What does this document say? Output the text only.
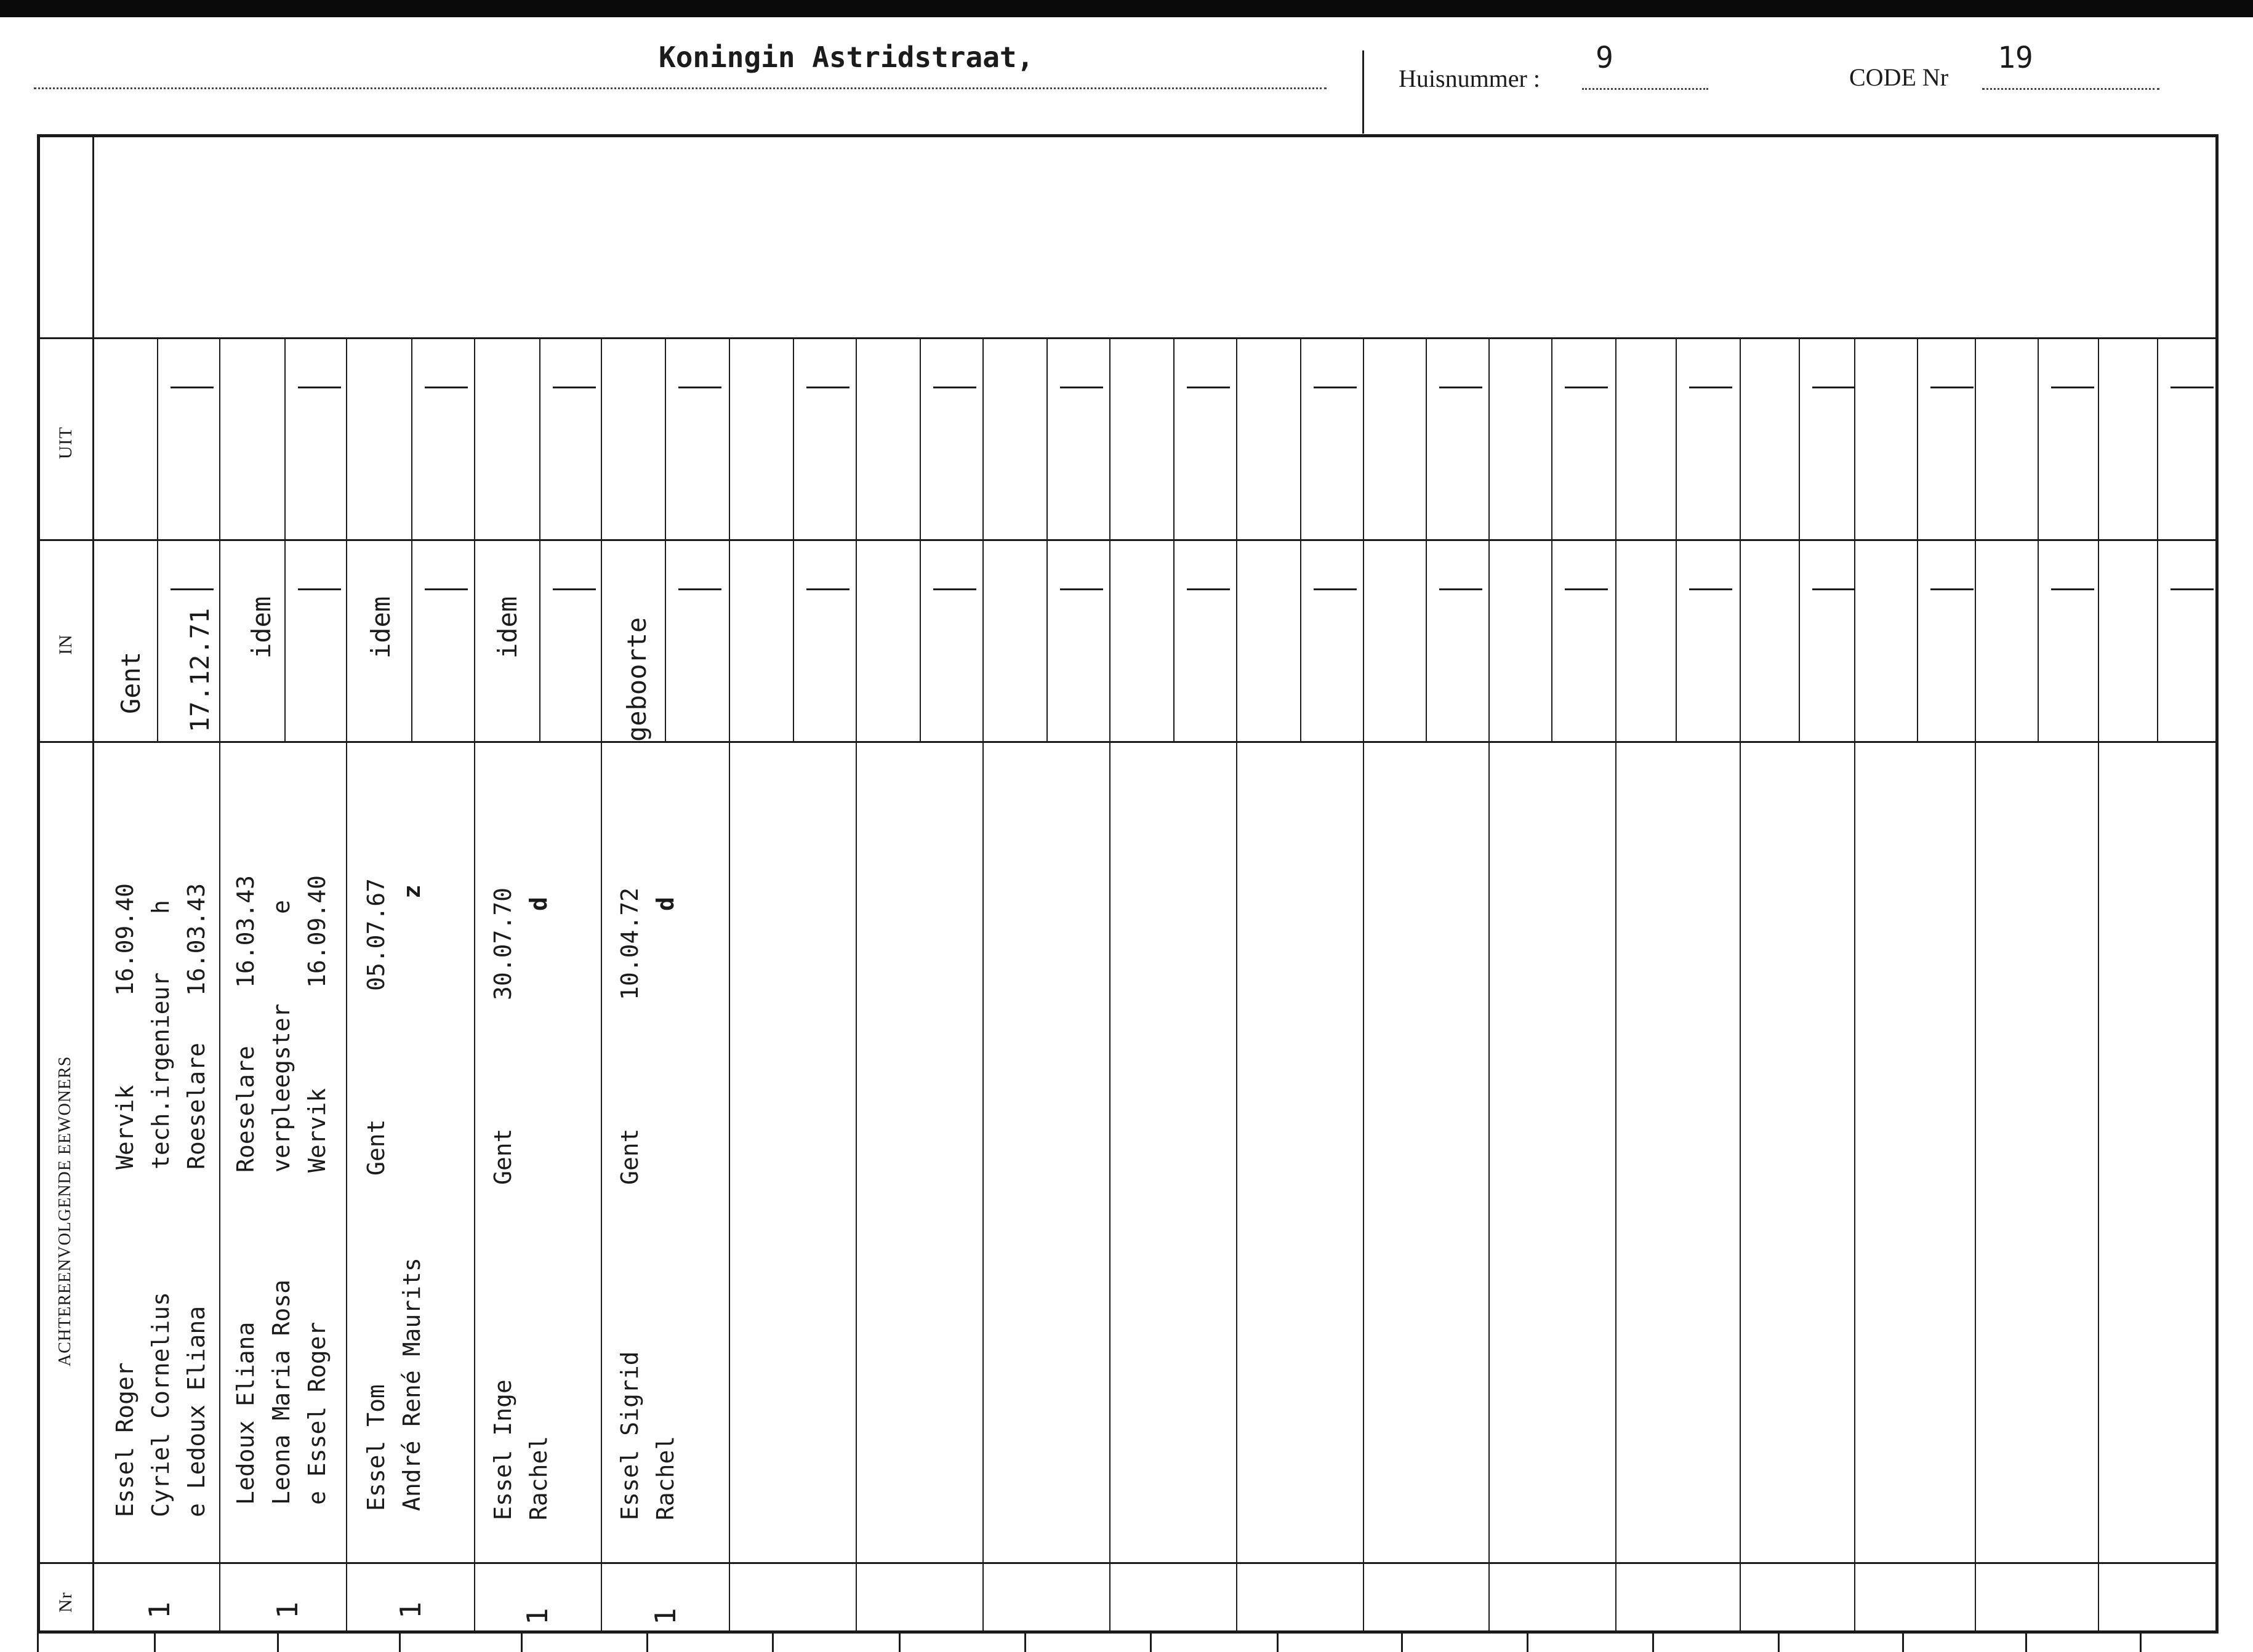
Koningin Astridstraat,
Huisnummer :
9
CODE Nr
19
UIT
IN
ACHTEREENVOLGENDE EEWONERS
Nr
Gent 17.12.71
Essel Roger Cyriel Cornelius e Ledoux Eliana
Wervik tech.irgenieur Roeselare
16.09.40 h 16.03.43
1
idem
Ledoux Eliana Leona Maria Rosa e Essel Roger
Roeselare verpleegster Wervik
16.03.43 e 16.09.40
1
idem
Essel Tom André René Maurits
Gent
05.07.67 z
1
idem
Essel Inge Rachel
Gent
30.07.70 d
1
geboorte
Essel Sigrid Rachel
Gent
10.04.72 d
1
